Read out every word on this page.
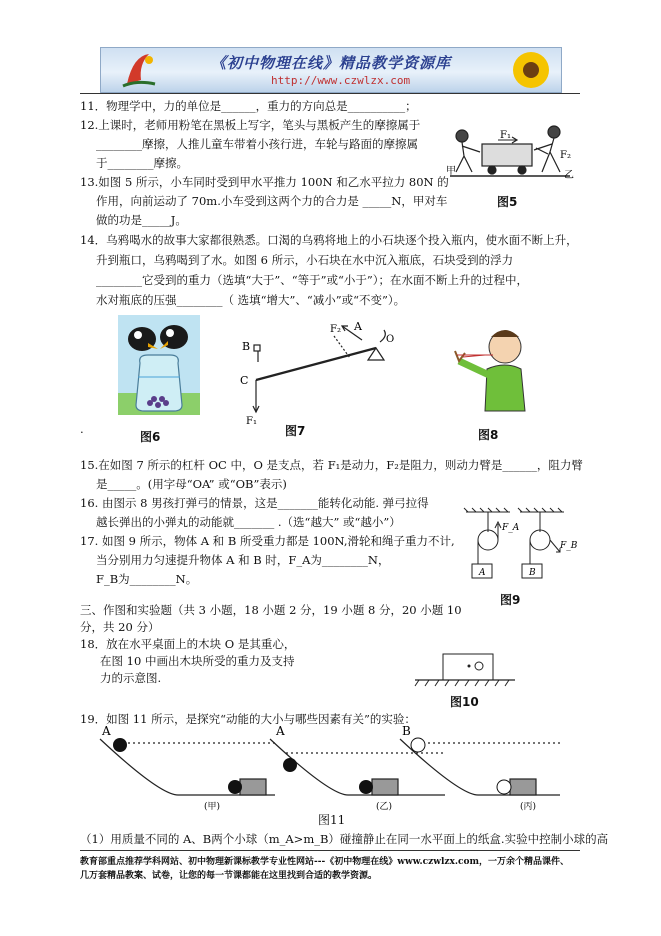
《初中物理在线》精品教学资源库
http://www.czwlzx.com
11．物理学中，力的单位是______，重力的方向总是__________；
12.上课时，老师用粉笔在黑板上写字，笔头与黑板产生的摩擦属于
________摩擦，人推儿童车带着小孩行进，车轮与路面的摩擦属
于________摩擦。
13.如图 5 所示，小车同时受到甲水平推力 100N 和乙水平拉力 80N 的
作用，向前运动了 70m.小车受到这两个力的合力是 _____N，甲对车
做的功是_____J。
F₁
F₂
甲	乙
图5
14．乌鸦喝水的故事大家都很熟悉。口渴的乌鸦将地上的小石块逐个投入瓶内，使水面不断上升，
升到瓶口，乌鸦喝到了水。如图 6 所示，小石块在水中沉入瓶底，石块受到的浮力
________它受到的重力（选填“大于”、“等于”或“小于”）；在水面不断上升的过程中，
水对瓶底的压强________（ 选填“增大”、“减小”或“不变”）。
.
图6
B
C
F₂ A
O
F₁
图7	图8
15.在如图 7 所示的杠杆 OC 中，O 是支点，若 F₁是动力，F₂是阻力，则动力臂是______，阻力臂
是_____。(用字母“OA” 或“OB”表示)
16. 由图示 8 男孩打弹弓的情景，这是_______能转化动能. 弹弓拉得
越长弹出的小弹丸的动能就_______ .（选“越大” 或“越小”）
17. 如图 9 所示，物体 A 和 B 所受重力都是 100N,滑轮和绳子重力不计,
当分别用力匀速提升物体 A 和 B 时，F_A为________N，
F_B为________N。
F_A
F_B
A	B
图9
三、作图和实验题（共 3 小题，18 小题 2 分，19 小题 8 分，20 小题 10
分，共 20 分）
18．放在水平桌面上的木块 O 是其重心，
在图 10 中画出木块所受的重力及支持
力的示意图.
图10
19．如图 11 所示，是探究“动能的大小与哪些因素有关”的实验：
A	A	B
(甲)	(乙)	(丙)
图11
（1）用质量不同的 A、B两个小球（m_A>m_B）碰撞静止在同一水平面上的纸盒.实验中控制小球的高
教育部重点推荐学科网站、初中物理新课标教学专业性网站---《初中物理在线》www.czwlzx.com，一万余个精品课件、
几万套精品教案、试卷，让您的每一节课都能在这里找到合适的教学资源。
